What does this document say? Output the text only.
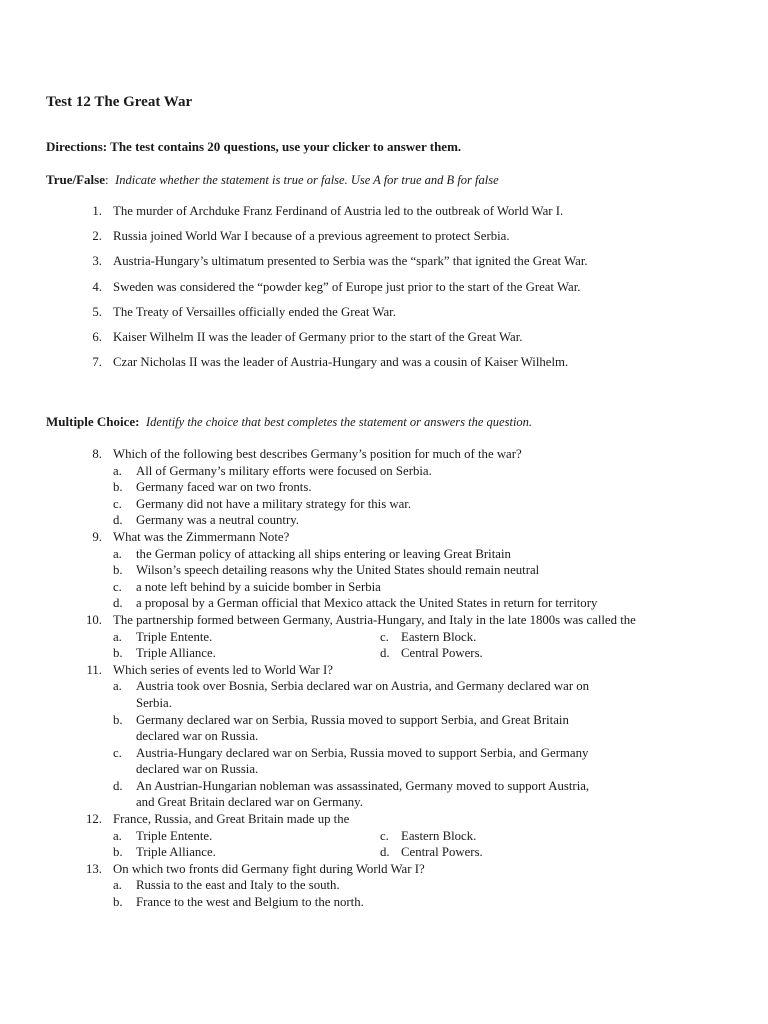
Test 12 The Great War
Directions: The test contains 20 questions, use your clicker to answer them.
True/False:  Indicate whether the statement is true or false. Use A for true and B for false
1. The murder of Archduke Franz Ferdinand of Austria led to the outbreak of World War I.
2. Russia joined World War I because of a previous agreement to protect Serbia.
3. Austria-Hungary’s ultimatum presented to Serbia was the “spark” that ignited the Great War.
4. Sweden was considered the “powder keg” of Europe just prior to the start of the Great War.
5. The Treaty of Versailles officially ended the Great War.
6. Kaiser Wilhelm II was the leader of Germany prior to the start of the Great War.
7. Czar Nicholas II was the leader of Austria-Hungary and was a cousin of Kaiser Wilhelm.
Multiple Choice: Identify the choice that best completes the statement or answers the question.
8. Which of the following best describes Germany’s position for much of the war?
a. All of Germany’s military efforts were focused on Serbia.
b. Germany faced war on two fronts.
c. Germany did not have a military strategy for this war.
d. Germany was a neutral country.
9. What was the Zimmermann Note?
a. the German policy of attacking all ships entering or leaving Great Britain
b. Wilson’s speech detailing reasons why the United States should remain neutral
c. a note left behind by a suicide bomber in Serbia
d. a proposal by a German official that Mexico attack the United States in return for territory
10. The partnership formed between Germany, Austria-Hungary, and Italy in the late 1800s was called the
a. Triple Entente.	c. Eastern Block.
b. Triple Alliance.	d. Central Powers.
11. Which series of events led to World War I?
a. Austria took over Bosnia, Serbia declared war on Austria, and Germany declared war on
Serbia.
b. Germany declared war on Serbia, Russia moved to support Serbia, and Great Britain
declared war on Russia.
c. Austria-Hungary declared war on Serbia, Russia moved to support Serbia, and Germany
declared war on Russia.
d. An Austrian-Hungarian nobleman was assassinated, Germany moved to support Austria,
and Great Britain declared war on Germany.
12. France, Russia, and Great Britain made up the
a. Triple Entente.	c. Eastern Block.
b. Triple Alliance.	d. Central Powers.
13. On which two fronts did Germany fight during World War I?
a. Russia to the east and Italy to the south.
b. France to the west and Belgium to the north.
